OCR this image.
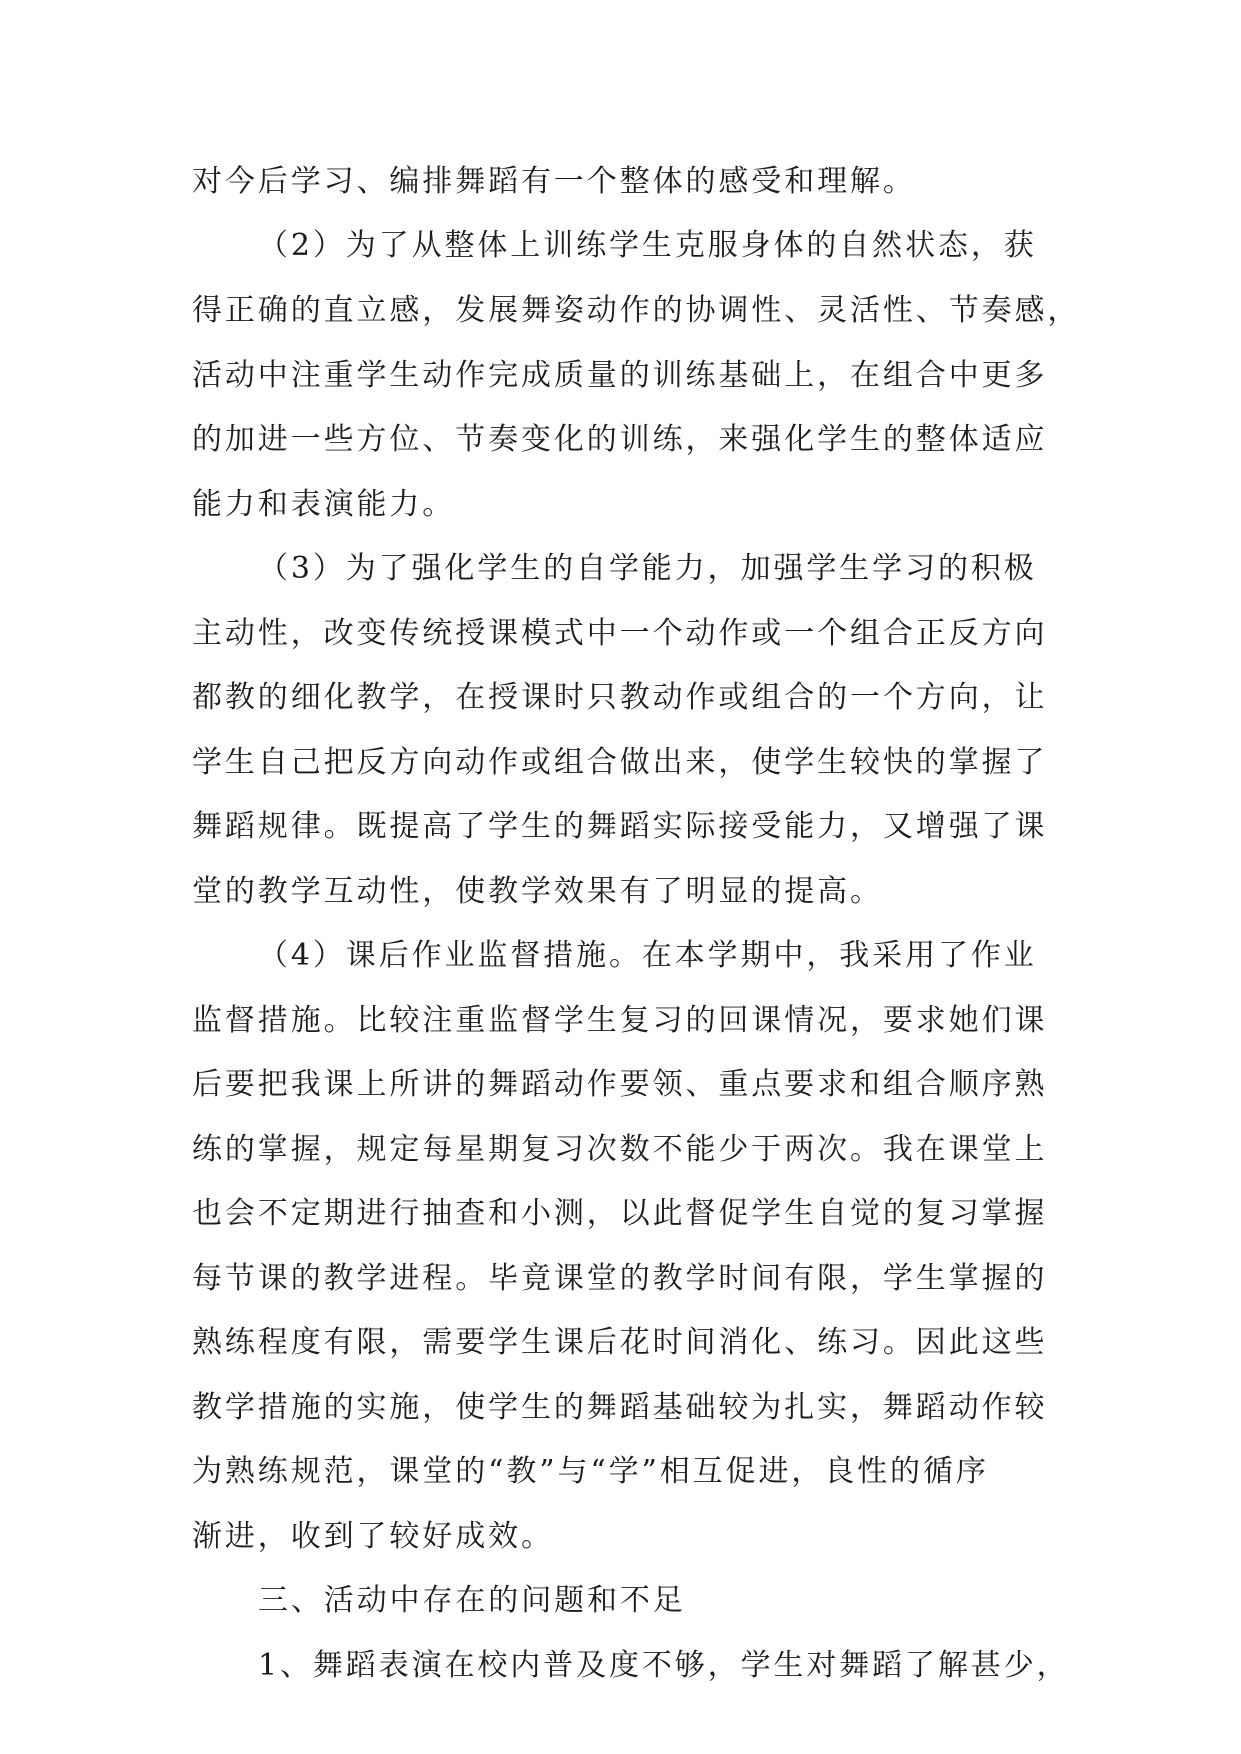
对今后学习、编排舞蹈有一个整体的感受和理解。
（2）为了从整体上训练学生克服身体的自然状态，获
得正确的直立感，发展舞姿动作的协调性、灵活性、节奏感，
活动中注重学生动作完成质量的训练基础上，在组合中更多
的加进一些方位、节奏变化的训练，来强化学生的整体适应
能力和表演能力。
（3）为了强化学生的自学能力，加强学生学习的积极
主动性，改变传统授课模式中一个动作或一个组合正反方向
都教的细化教学，在授课时只教动作或组合的一个方向，让
学生自己把反方向动作或组合做出来，使学生较快的掌握了
舞蹈规律。既提高了学生的舞蹈实际接受能力，又增强了课
堂的教学互动性，使教学效果有了明显的提高。
（4）课后作业监督措施。在本学期中，我采用了作业
监督措施。比较注重监督学生复习的回课情况，要求她们课
后要把我课上所讲的舞蹈动作要领、重点要求和组合顺序熟
练的掌握，规定每星期复习次数不能少于两次。我在课堂上
也会不定期进行抽查和小测，以此督促学生自觉的复习掌握
每节课的教学进程。毕竟课堂的教学时间有限，学生掌握的
熟练程度有限，需要学生课后花时间消化、练习。因此这些
教学措施的实施，使学生的舞蹈基础较为扎实，舞蹈动作较
为熟练规范，课堂的“教”与“学”相互促进，良性的循序
渐进，收到了较好成效。
三、活动中存在的问题和不足
1、舞蹈表演在校内普及度不够，学生对舞蹈了解甚少，
